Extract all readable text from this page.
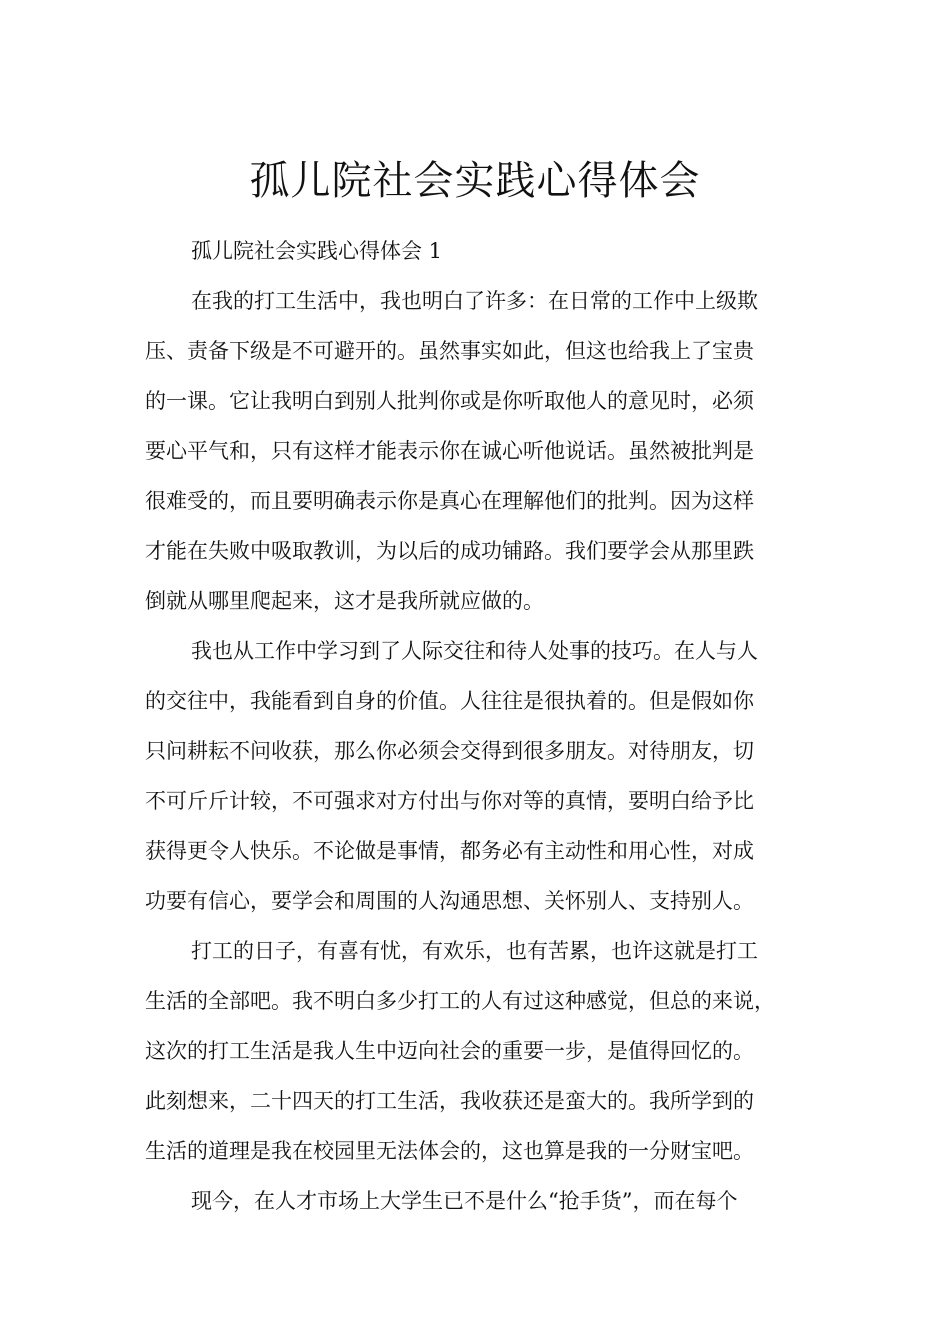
孤儿院社会实践心得体会
孤儿院社会实践心得体会 1
在我的打工生活中，我也明白了许多：在日常的工作中上级欺
压、责备下级是不可避开的。虽然事实如此，但这也给我上了宝贵
的一课。它让我明白到别人批判你或是你听取他人的意见时，必须
要心平气和，只有这样才能表示你在诚心听他说话。虽然被批判是
很难受的，而且要明确表示你是真心在理解他们的批判。因为这样
才能在失败中吸取教训，为以后的成功铺路。我们要学会从那里跌
倒就从哪里爬起来，这才是我所就应做的。
我也从工作中学习到了人际交往和待人处事的技巧。在人与人
的交往中，我能看到自身的价值。人往往是很执着的。但是假如你
只问耕耘不问收获，那么你必须会交得到很多朋友。对待朋友，切
不可斤斤计较，不可强求对方付出与你对等的真情，要明白给予比
获得更令人快乐。不论做是事情，都务必有主动性和用心性，对成
功要有信心，要学会和周围的人沟通思想、关怀别人、支持别人。
打工的日子，有喜有忧，有欢乐，也有苦累，也许这就是打工
生活的全部吧。我不明白多少打工的人有过这种感觉，但总的来说，
这次的打工生活是我人生中迈向社会的重要一步，是值得回忆的。
此刻想来，二十四天的打工生活，我收获还是蛮大的。我所学到的
生活的道理是我在校园里无法体会的，这也算是我的一分财宝吧。
现今，在人才市场上大学生已不是什么“抢手货”，而在每个
